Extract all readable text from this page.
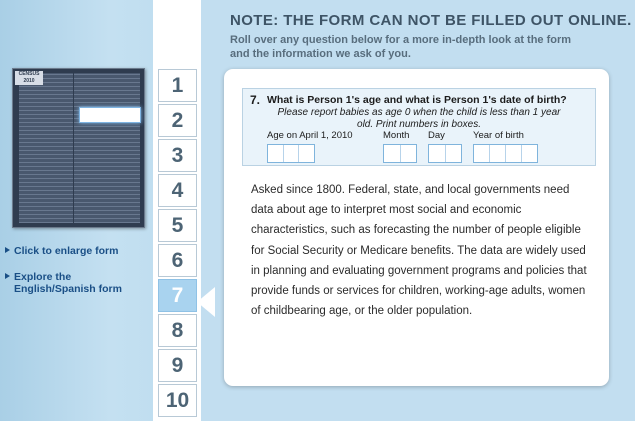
CENSUS 2010
Click to enlarge form
Explore the English/Spanish form
1
2
3
4
5
6
7
8
9
10
NOTE: THE FORM CAN NOT BE FILLED OUT ONLINE.
Roll over any question below for a more in-depth look at the form and the information we ask of you.
7. What is Person 1's age and what is Person 1's date of birth?
Please report babies as age 0 when the child is less than 1 year old. Print numbers in boxes.
Age on April 1, 2010	Month Day	Year of birth
Asked since 1800. Federal, state, and local governments need data about age to interpret most social and economic characteristics, such as forecasting the number of people eligible for Social Security or Medicare benefits. The data are widely used in planning and evaluating government programs and policies that provide funds or services for children, working-age adults, women of childbearing age, or the older population.
